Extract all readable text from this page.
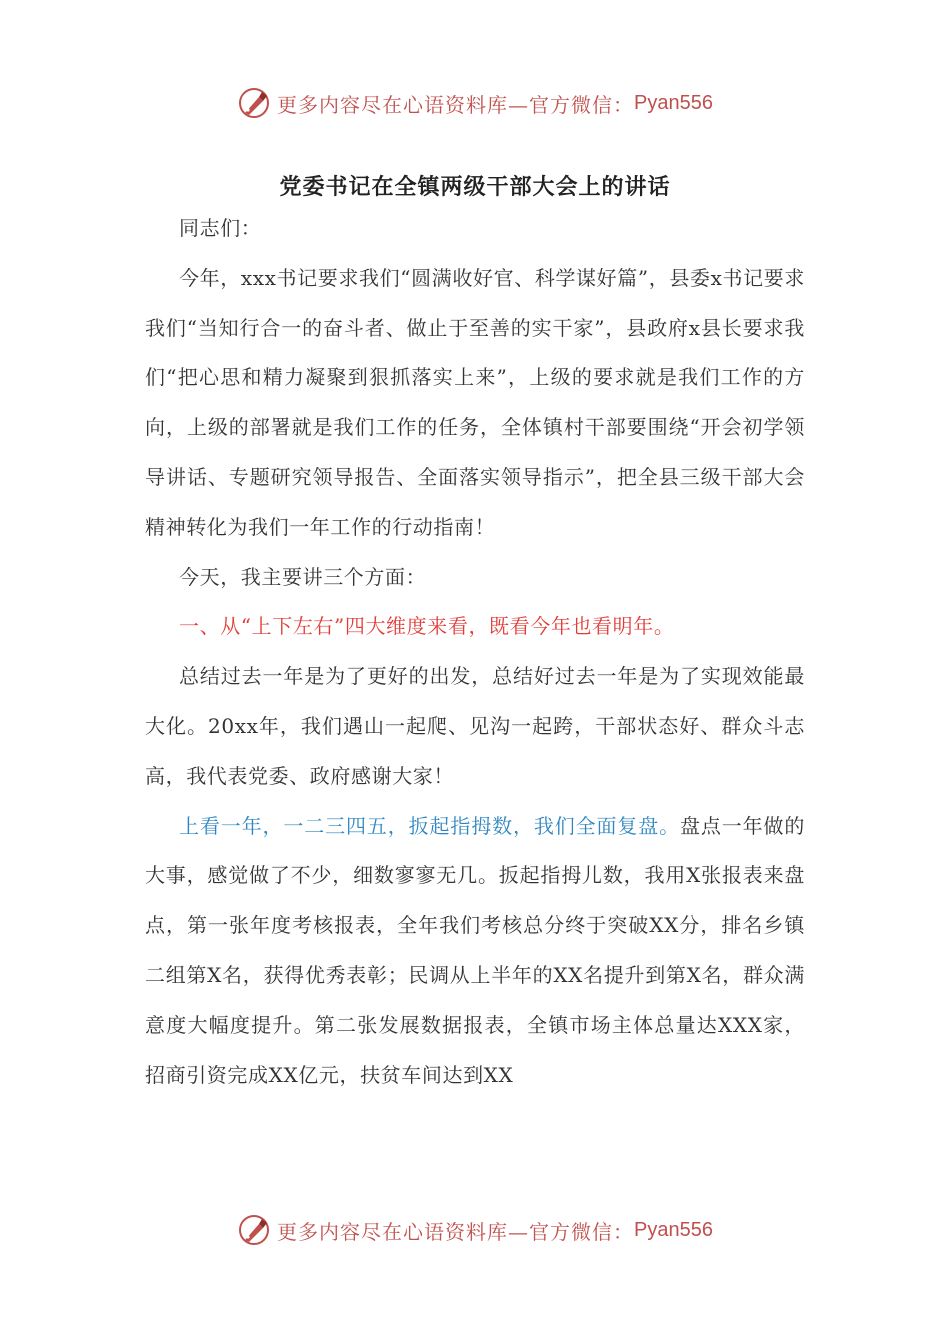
更多内容尽在心语资料库—官方微信： Pyan556
党委书记在全镇两级干部大会上的讲话

同志们：

今年，xxx书记要求我们“圆满收好官、科学谋好篇”，县委x书记要求我们“当知行合一的奋斗者、做止于至善的实干家”，县政府x县长要求我们“把心思和精力凝聚到狠抓落实上来”，上级的要求就是我们工作的方向，上级的部署就是我们工作的任务，全体镇村干部要围绕“开会初学领导讲话、专题研究领导报告、全面落实领导指示”，把全县三级干部大会精神转化为我们一年工作的行动指南！

今天，我主要讲三个方面：

一、从“上下左右”四大维度来看，既看今年也看明年。

总结过去一年是为了更好的出发，总结好过去一年是为了实现效能最大化。20xx年，我们遇山一起爬、见沟一起跨，干部状态好、群众斗志高，我代表党委、政府感谢大家！

上看一年，一二三四五，扳起指拇数，我们全面复盘。盘点一年做的大事，感觉做了不少，细数寥寥无几。扳起指拇儿数，我用X张报表来盘点，第一张年度考核报表，全年我们考核总分终于突破XX分，排名乡镇二组第X名，获得优秀表彰；民调从上半年的XX名提升到第X名，群众满意度大幅度提升。第二张发展数据报表，全镇市场主体总量达XXX家，招商引资完成XX亿元，扶贫车间达到XX

更多内容尽在心语资料库—官方微信： Pyan556
